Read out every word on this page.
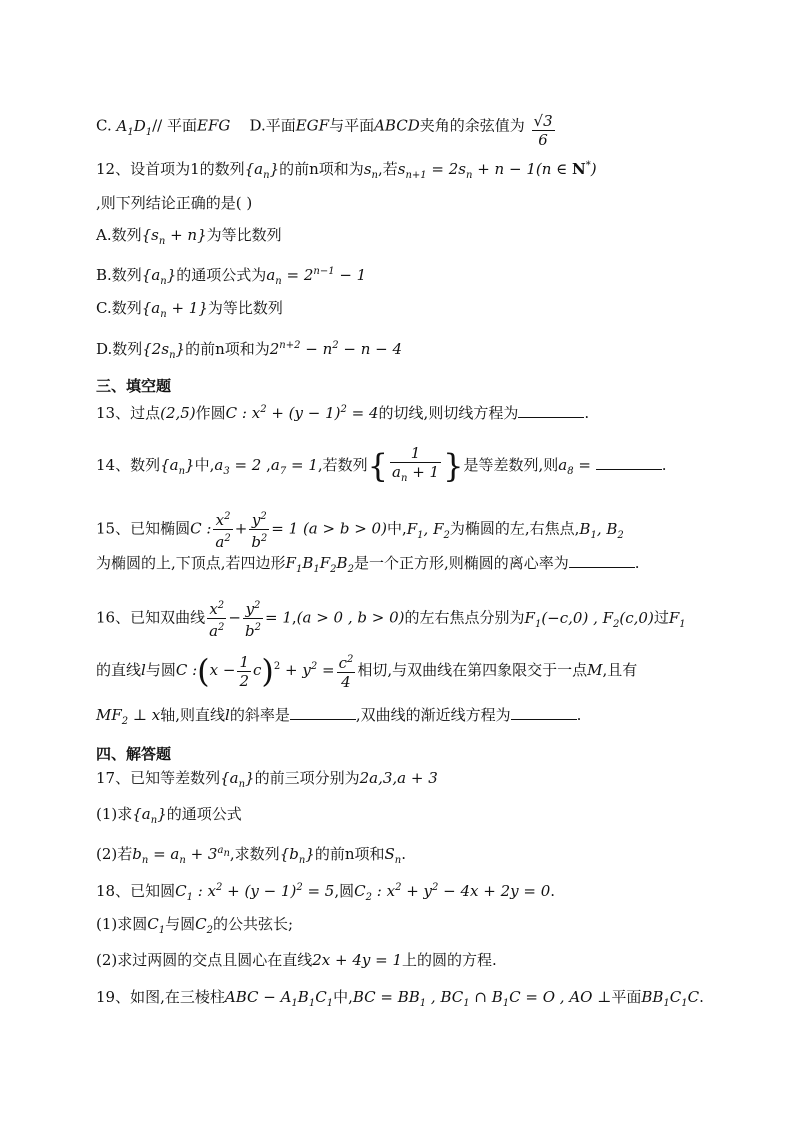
C. $A_1D_1//$ 平面EFG D.平面EGF与平面ABCD夹角的余弦值为 $\frac{√3}{6}$
12、设首项为1的数列$\{a_n\}$的前n项和为$s_n$,若$s_{n+1} = 2s_n + n - 1(n$ ∈ N*)
,则下列结论正确的是( )
A.数列$\{s_n + n\}$为等比数列
B.数列$\{a_n\}$的通项公式为$a_n = 2^{n-1} - 1$
C.数列$\{a_n + 1\}$为等比数列
D.数列$\{2s_n\}$的前n项和为$2^{n+2} - n^2 - n - 4$
三、填空题
13、过点(2,5)作圆C : $x^2 + (y - 1)^2 = 4$的切线,则切线方程为	.
14、数列$\{a_n\}$中$,a_3 = 2$ $,a_7 = 1$,若数列{ $\frac{1}{a_n + 1}$ }是等差数列,则$a_8$ =	.
15、已知椭圆C : $\frac{x^2}{a^2} + \frac{y^2}{b^2} = 1$ (a > b > 0)中$,F_1$, $F_2$为椭圆的左,右焦点$,B_1$, $B_2$
为椭圆的上,下顶点,若四边形$F_1B_1F_2B_2$是一个正方形,则椭圆的离心率为	.
16、已知双曲线 $\frac{x^2}{a^2} - \frac{y^2}{b^2} = 1,(a > 0$ , b > 0)的左右焦点分别为$F_1(-c,0)$ , $F_2(c,0)$过$F_1$
的直线l与圆C :(x − $\frac{1}{2} c)^2 + y^2 = \frac{c^2}{4}$ 相切,与双曲线在第四象限交于一点M,且有
$MF_2$ ⊥ x轴,则直线l的斜率是	,双曲线的渐近线方程为	.
四、解答题
17、已知等差数列$\{a_n\}$的前三项分别为2a,3,a + 3
(1)求$\{a_n\}$的通项公式
(2)若$b_n = a_n + 3^{a_n}$,求数列$\{b_n\}$的前n项和$S_n$.
18、已知圆$C_1$ : $x^2 + (y - 1)^2 = 5$,圆$C_2$ : $x^2 + y^2 - 4x + 2y = 0$.
(1)求圆$C_1$与圆$C_2$的公共弦长;
(2)求过两圆的交点且圆心在直线2x + 4y = 1上的圆的方程.
19、如图,在三棱柱ABC − $A_1B_1C_1$中$,BC = BB_1$ , $BC_1$ ∩ $B_1C = O$ , AO ⊥平面$BB_1C_1C$.
